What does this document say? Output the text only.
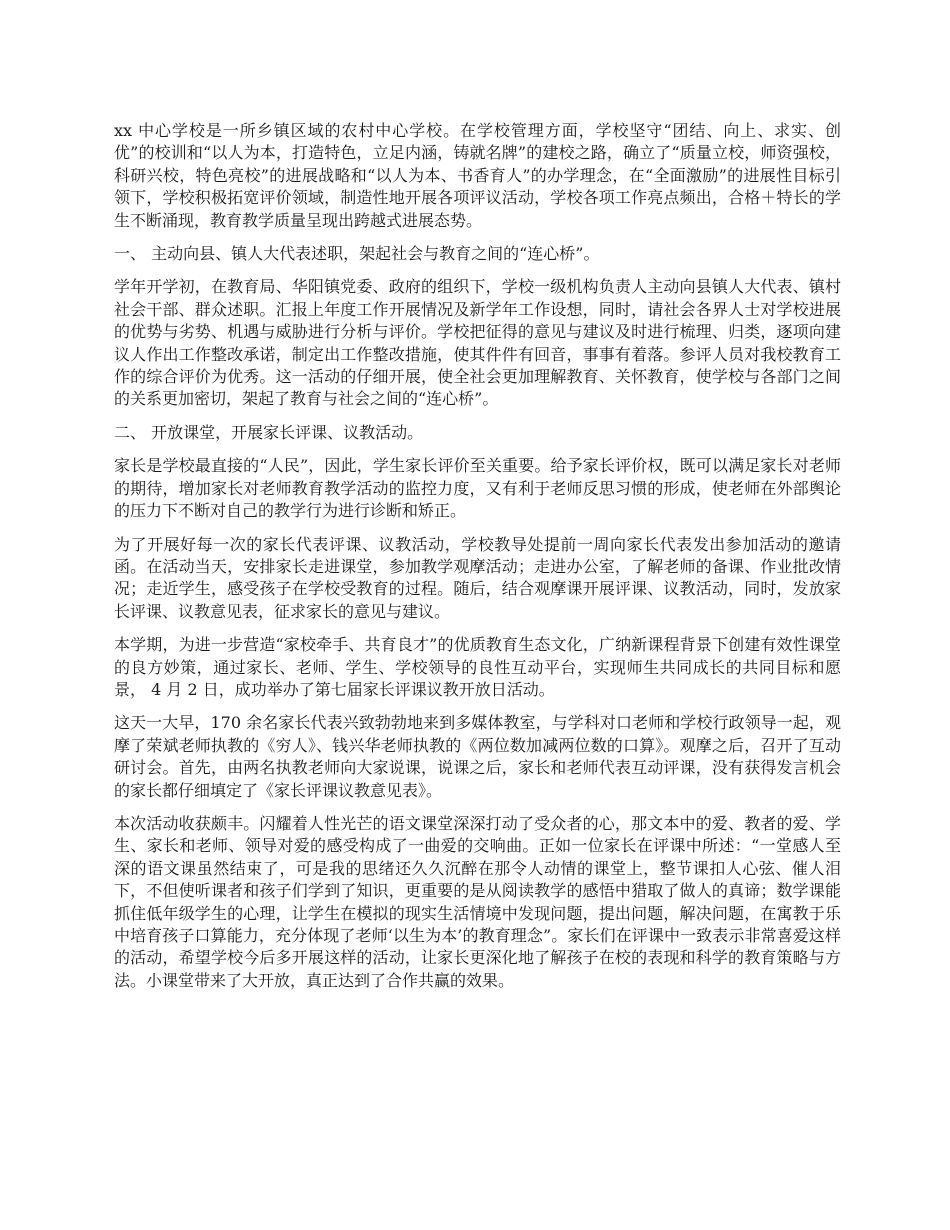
xx 中心学校是一所乡镇区域的农村中心学校。在学校管理方面，学校坚守“团结、向上、求实、创优”的校训和“以人为本，打造特色，立足内涵，铸就名牌”的建校之路，确立了“质量立校，师资强校，科研兴校，特色亮校”的进展战略和“以人为本、书香育人”的办学理念，在“全面激励”的进展性目标引领下，学校积极拓宽评价领域，制造性地开展各项评议活动，学校各项工作亮点频出，合格＋特长的学生不断涌现，教育教学质量呈现出跨越式进展态势。

一、 主动向县、镇人大代表述职，架起社会与教育之间的“连心桥”。

学年开学初，在教育局、华阳镇党委、政府的组织下，学校一级机构负责人主动向县镇人大代表、镇村社会干部、群众述职。汇报上年度工作开展情况及新学年工作设想，同时，请社会各界人士对学校进展的优势与劣势、机遇与威胁进行分析与评价。学校把征得的意见与建议及时进行梳理、归类，逐项向建议人作出工作整改承诺，制定出工作整改措施，使其件件有回音，事事有着落。参评人员对我校教育工作的综合评价为优秀。这一活动的仔细开展，使全社会更加理解教育、关怀教育，使学校与各部门之间的关系更加密切，架起了教育与社会之间的“连心桥”。

二、 开放课堂，开展家长评课、议教活动。

家长是学校最直接的“人民”，因此，学生家长评价至关重要。给予家长评价权，既可以满足家长对老师的期待，增加家长对老师教育教学活动的监控力度，又有利于老师反思习惯的形成，使老师在外部舆论的压力下不断对自己的教学行为进行诊断和矫正。

为了开展好每一次的家长代表评课、议教活动，学校教导处提前一周向家长代表发出参加活动的邀请函。在活动当天，安排家长走进课堂，参加教学观摩活动；走进办公室，了解老师的备课、作业批改情况；走近学生，感受孩子在学校受教育的过程。随后，结合观摩课开展评课、议教活动，同时，发放家长评课、议教意见表，征求家长的意见与建议。

本学期，为进一步营造“家校牵手、共育良才”的优质教育生态文化，广纳新课程背景下创建有效性课堂的良方妙策，通过家长、老师、学生、学校领导的良性互动平台，实现师生共同成长的共同目标和愿景， 4 月 2 日，成功举办了第七届家长评课议教开放日活动。

这天一大早，170 余名家长代表兴致勃勃地来到多媒体教室，与学科对口老师和学校行政领导一起，观摩了荣斌老师执教的《穷人》、钱兴华老师执教的《两位数加减两位数的口算》。观摩之后，召开了互动研讨会。首先，由两名执教老师向大家说课，说课之后，家长和老师代表互动评课，没有获得发言机会的家长都仔细填定了《家长评课议教意见表》。

本次活动收获颇丰。闪耀着人性光芒的语文课堂深深打动了受众者的心，那文本中的爱、教者的爱、学生、家长和老师、领导对爱的感受构成了一曲爱的交响曲。正如一位家长在评课中所述：“一堂感人至深的语文课虽然结束了，可是我的思绪还久久沉醉在那令人动情的课堂上，整节课扣人心弦、催人泪下，不但使听课者和孩子们学到了知识，更重要的是从阅读教学的感悟中猎取了做人的真谛；数学课能抓住低年级学生的心理，让学生在模拟的现实生活情境中发现问题，提出问题，解决问题，在寓教于乐中培育孩子口算能力，充分体现了老师‘以生为本’的教育理念”。家长们在评课中一致表示非常喜爱这样的活动，希望学校今后多开展这样的活动，让家长更深化地了解孩子在校的表现和科学的教育策略与方法。小课堂带来了大开放，真正达到了合作共赢的效果。
